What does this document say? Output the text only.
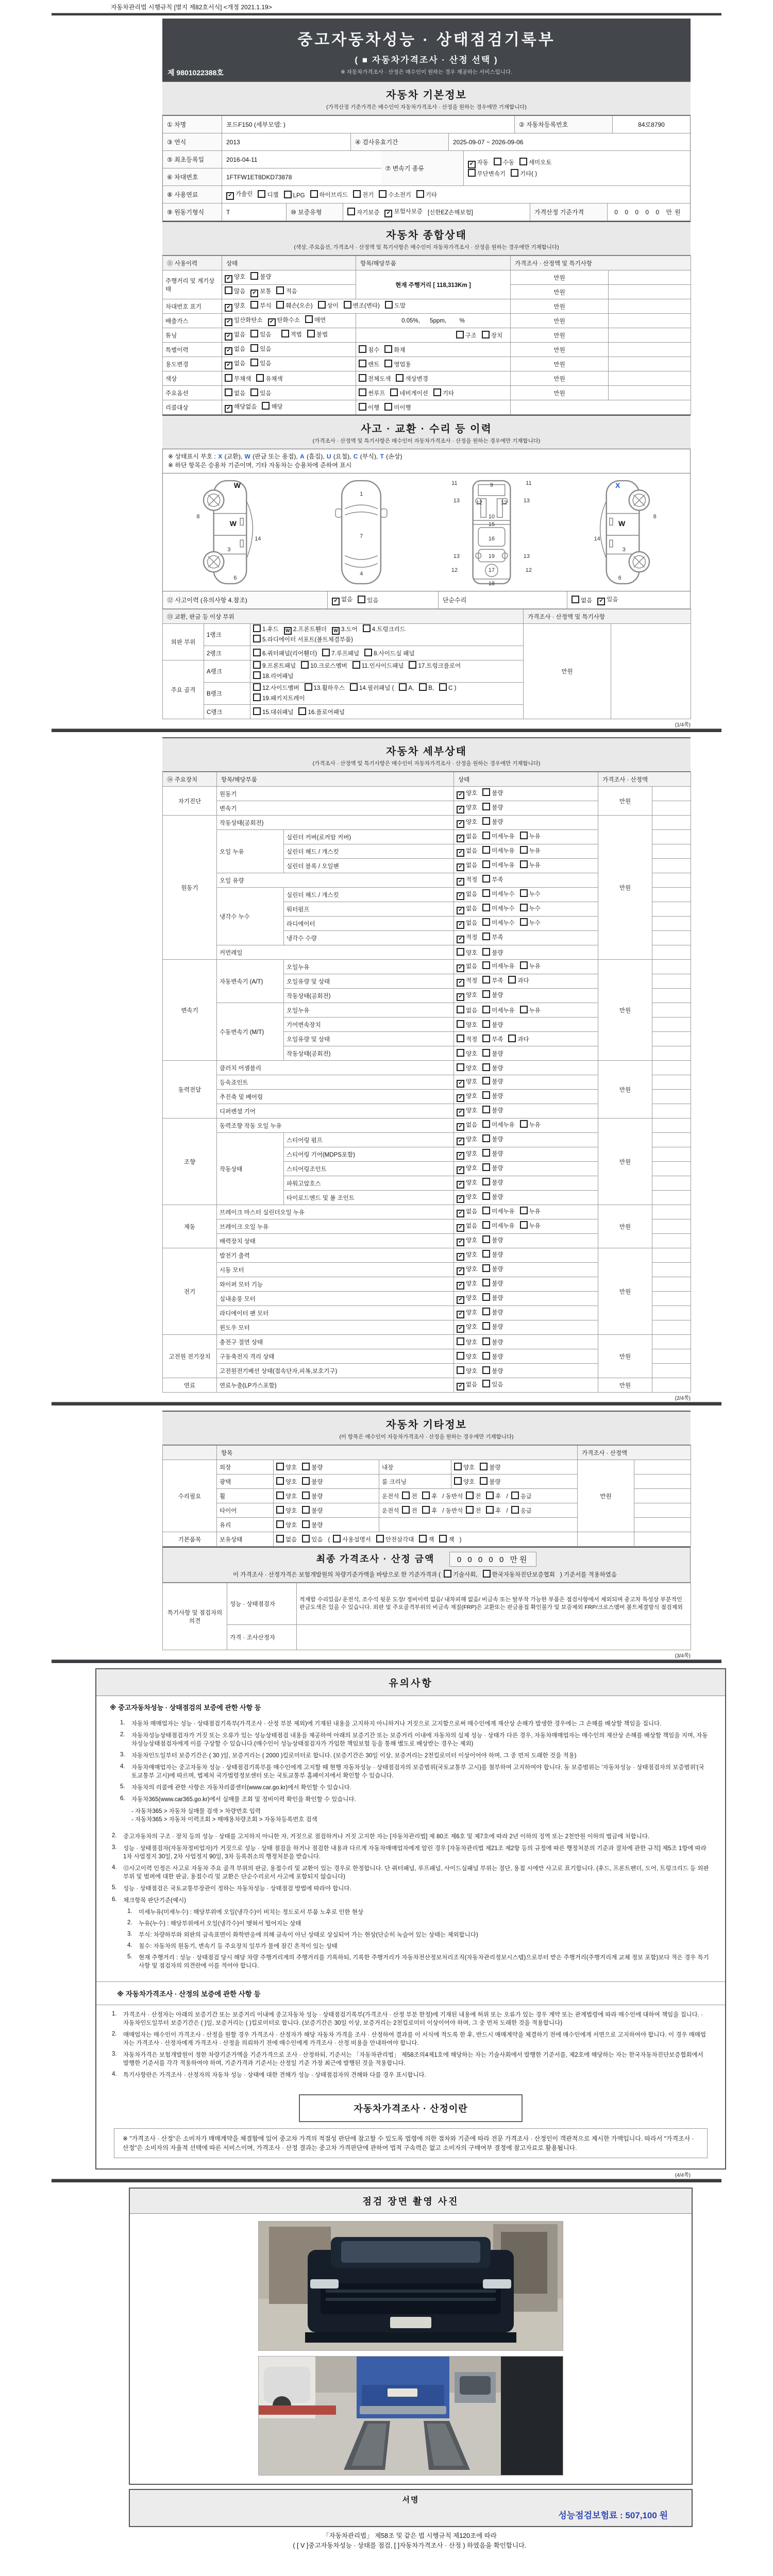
자동차관리법 시행규칙 [별지 제82호서식] <개정 2021.1.19>
제 9801022388호
중고자동차성능 · 상태점검기록부
( ■ 자동차가격조사 · 산정 선택 )
※ 자동차가격조사 · 산정은 매수인이 원하는 경우 제공하는 서비스입니다.
자동차 기본정보
(가격산정 기준가격은 매수인이 자동차가격조사 · 산정을 원하는 경우에만 기재합니다)
① 차명	포드F150 (세부모델: )	② 자동차등록번호	84로8790
③ 연식	2013	④ 검사유효기간	2025-09-07 ~ 2026-09-06
⑤ 최초등록일	2016-04-11
⑥ 차대번호	1FTFW1ET8DKD73878
⑦ 변속기 종류
✔ 자동 수동 세미오토
무단변속기 기타( )
⑧ 사용연료	✔ 가솔린	디젤	LPG	하이브리드	전기	수소전기	기타
⑨ 원동기형식	T	⑩ 보증유형	자기보증	✔ 보험사보증 [신한EZ손해보험]	가격산정 기준가격	0 0 0 0 0 만원
자동차 종합상태
(색상, 주요옵션, 가격조사 · 산정액 및 특기사항은 매수인이 자동차가격조사 · 산정을 원하는 경우에만 기재합니다)
⑪ 사용이력	상태	항목/해당부품	가격조사 · 산정액 및 특기사항	
주행거리 및 계기상태	✔ 양호 불량	현재 주행거리 [ 118,313Km ]	만원	
	많음 ✔ 보통 적음		만원	
차대번호 표기	✔ 양호 부식 훼손(오손) 상이 변조(변타) 도말		만원	
배출가스	✔ 일산화탄소 ✔ 탄화수소 매연	0.05%,      5ppm,        %	만원	
튜닝	✔ 없음 있음 적법 불법	구조 장치	만원	
특별이력	✔ 없음 있음	침수 화재	만원	
용도변경	✔ 없음 있음	렌트 영업용	만원	
색상	무채색 유채색	전체도색 색상변경	만원	
주요옵션	없음 있음	썬루프 네비게이션 기타	만원	
리콜대상	✔ 해당없음 해당	이행 미이행		
사고 · 교환 · 수리 등 이력
(가격조사 · 산정액 및 특기사항은 매수인이 자동차가격조사 · 산정을 원하는 경우에만 기재합니다)
※ 상태표시 부호 : X (교환), W (판금 또는 용접), A (흠집), U (요철), C (부식), T (손상)
※ 하단 항목은 승용차 기준이며, 기타 자동차는 승용차에 준하여 표시
W
8
W
14
3
6
1
7
4
11	9	11
13	12	12	13
10
15
16
13	19	13
12	17	12
18
X
8
W
14
3
6
⑫ 사고이력 (유의사항 4.참조)	✔ 없음	있음	단순수리	없음	✔ 있음
⑬ 교환, 판금 등 이상 부위			가격조사 · 산정액 및 특기사항	
외판 부위	1랭크	1.후드 W 2.프론트휀더 W 3.도어 4.트렁크리드
5.라디에이터 서포트(볼트체결부품)	만원	
	2랭크	6.쿼터패널(리어휀더) 7.루프패널 8.사이드실 패널		
주요 골격	A랭크	9.프론트패널 10.크로스멤버 11.인사이드패널 17.트렁크플로어
18.리어패널		

	B랭크	12.사이드멤버 13.휠하우스 14.필러패널 ( A, B, C )
19.패키지트레이		

	C랭크	15.대쉬패널 16.플로어패널		
(1/4쪽)
자동차 세부상태
(가격조사 · 산정액 및 특기사항은 매수인이 자동차가격조사 · 산정을 원하는 경우에만 기재합니다)
⑭ 주요장치	항목/해당부품		상태	가격조사 · 산정액	
자기진단	원동기		✔ 양호 불량	만원	
	변속기		✔ 양호 불량		
원동기	작동상태(공회전)		✔ 양호 불량	만원	
	오일 누유	실린더 커버(로커암 커버)	✔ 없음 미세누유 누유		
		실린더 헤드 / 개스킷	✔ 없음 미세누유 누유		
		실린더 블록 / 오일팬	✔ 없음 미세누유 누유		
	오일 유량		✔ 적정 부족		
	냉각수 누수	실린더 헤드 / 개스킷	✔ 없음 미세누수 누수		
		워터펌프	✔ 없음 미세누수 누수		
		라디에이터	✔ 없음 미세누수 누수		
		냉각수 수량	✔ 적정 부족		
	커먼레일		양호 불량		
변속기	자동변속기 (A/T)	오일누유	✔ 없음 미세누유 누유	만원	
		오일유량 및 상태	✔ 적정 부족 과다		
		작동상태(공회전)	✔ 양호 불량		
	수동변속기 (M/T)	오일누유	없음 미세누유 누유		
		기어변속장치	양호 불량		
		오일유량 및 상태	적정 부족 과다		
		작동상태(공회전)	양호 불량		
동력전달	클러치 어셈블리		양호 불량	만원	
	등속죠인트		✔ 양호 불량		
	추진축 및 베어링		✔ 양호 불량		
	디퍼렌셜 기어		✔ 양호 불량		
조향	동력조향 작동 오일 누유		✔ 없음 미세누유 누유	만원	
	작동상태	스티어링 펌프	✔ 양호 불량		
		스티어링 기어(MDPS포함)	✔ 양호 불량		
		스티어링조인트	✔ 양호 불량		
		파워고압호스	✔ 양호 불량		
		타이로드엔드 및 볼 조인트	✔ 양호 불량		
제동	브레이크 마스터 실린더오일 누유		✔ 없음 미세누유 누유	만원	
	브레이크 오일 누유		✔ 없음 미세누유 누유		
	배력장치 상태		✔ 양호 불량		
전기	발전기 출력		✔ 양호 불량	만원	
	시동 모터		✔ 양호 불량		
	와이퍼 모터 기능		✔ 양호 불량		
	실내송풍 모터		✔ 양호 불량		
	라디에이터 팬 모터		✔ 양호 불량		
	윈도우 모터		✔ 양호 불량		
고전원 전기장치	충전구 절연 상태		양호 불량	만원	
	구동축전지 격리 상태		양호 불량		
	고전원전기배선 상태(접속단자,피복,보호기구)		양호 불량		
연료	연료누출(LP가스포함)		✔ 없음 있음	만원	
(2/4쪽)
자동차 기타정보
(이 항목은 매수인이 자동차가격조사 · 산정을 원하는 경우에만 기재합니다)
	항목				가격조사 · 산정액	
수리필요	외장	양호 불량	내장	양호 불량	만원	
	광택	양호 불량	룸 크리닝	양호 불량		
	휠	양호 불량	운전석 전 후 / 동반석 전 후 / 응급			
	타이어	양호 불량	운전석 전 후 / 동반석 전 후 / 응급			
	유리	양호 불량				
기본품목	보유상태	없음 있음 ( 사용설명서 안전삼각대 잭 잭 )				
최종 가격조사 · 산정 금액	0 0 0 0 0 만원
이 가격조사 · 산정가격은 보험개발원의 차량기준가액을 바탕으로 한 기준가격과 ( 기술사회, 한국자동차진단보증협회 ) 기준서를 적용하였음
특기사항 및 점검자의 의견	성능 · 상태점검자	적재함 수리있음/ 운전석, 조수석 뒷문 도장/ 정비이력 없음/ 내차피해 없음/ 비금속 또는 탈부착 가능한 부품은 점검사항에서 제외되며 중고차 특성상 부분적인 판금도색은 있을 수 있습니다. 외판 및 주요골격부위의 비금속 재질(FRP)은 교환또는 판금용접 확인불가 및 보증제외 FRP/크로스멤버 볼트체결방식 점검제외
	가격 · 조사산정자	
(3/4쪽)
유의사항
※ 중고자동차성능 · 상태점검의 보증에 관한 사항 등
1.	자동차 매매업자는 성능 · 상태점검기록부(가격조사 · 산정 부분 제외)에 기재된 내용을 고지하지 아니하거나 거짓으로 고지함으로써 매수인에게 재산상 손해가 발생한 경우에는 그 손해를 배상할 책임을 집니다.
2.	자동차성능상태점검자가 거짓 또는 오류가 있는 성능상태점검 내용을 제공하여 아래의 보증기간 또는 보증거리 이내에 자동차의 실제 성능 · 상태가 다른 경우, 자동차매매업자는 매수인의 재산상 손해를 배상할 책임을 지며, 자동차성능상태점검자에게 이를 구상할 수 있습니다.(매수인이 성능상태점검자가 가입한 책임보험 등을 통해 별도로 배상받는 경우는 제외)
3.	자동차인도일부터 보증기간은 ( 30 )일, 보증거리는 ( 2000 )킬로미터로 합니다. (보증기간은 30일 이상, 보증거리는 2천킬로미터 이상이어야 하며, 그 중 먼저 도래한 것을 적용)
4.	자동차매매업자는 중고자동차 성능 · 상태점검기록부를 매수인에게 고지할 때 현행 자동차성능 · 상태점검자의 보증범위(국토교통부 고시)를 첨부하여 고지하여야 합니다. 동 보증범위는 '자동차성능 · 상태점검자의 보증범위'(국토교통부 고시)에 따르며, 법제처 국가법령정보센터 또는 국토교통부 홈페이지에서 확인할 수 있습니다.
5.	자동차의 리콜에 관한 사항은 자동차리콜센터(www.car.go.kr)에서 확인할 수 있습니다.
6.	자동차365(www.car365.go.kr)에서 실매물 조회 및 정비이력 확인을 확인할 수 있습니다.
- 자동차365 > 자동차 실매물 검색 > 차량번호 입력
- 자동차365 > 자동차 이력조회 > 매매용차량조회 > 자동차등록번호 검색
2.	중고자동차의 구조 · 장치 등의 성능 · 상태를 고지하지 아니한 자, 거짓으로 점검하거나 거짓 고지한 자는 [자동차관리법] 제 80조 제6호 및 제7호에 따라 2년 이하의 징역 또는 2천만원 이하의 벌금에 처합니다.
3.	성능 · 상태점검자(자동차정비업자)가 거짓으로 성능 · 상태 점검을 하거나 점검한 내용과 다르게 자동차매매업자에게 알린 경우 [자동차관리법 제21조 제2항 등의 규정에 따른 행정처분의 기준과 절차에 관한 규칙] 제5조 1항에 따라 1차 사업정지 30일, 2차 사업정지 90일, 3차 등록취소의 행정처분을 받습니다.
4.	⑫사고이력 인정은 사고로 자동차 주요 골격 부위의 판금, 용접수리 및 교환이 있는 경우로 한정합니다. 단 쿼터패널, 루프패널, 사이드실패널 부위는 절단, 용접 시에만 사고로 표기합니다. (후드, 프론트펜더, 도어, 트렁크리드 등 외판 부위 및 범퍼에 대한 판금, 용접수리 및 교환은 단순수리로서 사고에 포함되지 않습니다)
5.	성능 · 상태점검은 국토교통부장관이 정하는 자동차성능 · 상태점검 방법에 따라야 합니다.
6.	체크항목 판단기준(예시)
1.	미세누유(미세누수) : 해당부위에 오일(냉각수)이 비치는 정도로서 부품 노후로 인한 현상
2.	누유(누수) : 해당부위에서 오일(냉각수)이 맺혀서 떨어지는 상태
3.	부식: 차량하부와 외판의 금속표면이 화학반응에 의해 금속이 아닌 상태로 상실되어 가는 현상(단순히 녹슬어 있는 상태는 제외합니다)
4.	침수: 자동차의 원동기, 변속기 등 주요장치 일부가 물에 잠긴 흔적이 있는 상태
5.	현재 주행거리 : 성능 · 상태점검 당시 해당 차량 주행거리계의 주행거리를 기록하되, 기록한 주행거리가 자동차전산정보처리조직(자동차관리정보시스템)으로부터 받은 주행거리(주행거리계 교체 정보 포함)보다 적은 경우 특기사항 및 점검자의 의견란에 이를 적어야 합니다.
※ 자동차가격조사 · 산정의 보증에 관한 사항 등
1.	가격조사 · 산정자는 아래의 보증기간 또는 보증거리 이내에 중고자동차 성능 · 상태점검기록부(가격조사 · 산정 부분 한정)에 기재된 내용에 허위 또는 오류가 있는 경우 계약 또는 관계법령에 따라 매수인에 대하여 책임을 집니다. · 자동차인도일부터 보증기간은 ( )일, 보증거리는 ( )킬로미터로 합니다. (보증기간은 30일 이상, 보증거리는 2천킬로미터 이상이어야 하며, 그 중 먼저 도래한 것을 적용합니다)
2.	매매업자는 매수인이 가격조사 · 산정을 원할 경우 가격조사 · 산정자가 해당 자동차 가격을 조사 · 산정하여 결과를 이 서식에 적도록 한 후, 반드시 매매계약을 체결하기 전에 매수인에게 서면으로 고지하여야 합니다. 이 경우 매매업자는 가격조사 · 산정자에게 가격조사 · 산정을 의뢰하기 전에 매수인에게 가격조사 · 산정 비용을 안내하여야 합니다.
3.	자동차가격은 보험개발원이 정한 차량기준가액을 기준가격으로 조사 · 산정하되, 기준서는 「자동차관리법」 제58조의4제1호에 해당하는 자는 기술사회에서 발행한 기준서를, 제2호에 해당하는 자는 한국자동차진단보증협회에서 발행한 기준서를 각각 적용하여야 하며, 기준가격과 기준서는 산정일 기준 가장 최근에 발행된 것을 적용합니다.
4.	특기사항란은 가격조사 · 산정자의 자동차 성능 · 상태에 대한 견해가 성능 · 상태점검자의 견해와 다를 경우 표시합니다.
자동차가격조사 · 산정이란
※ "가격조사 · 산정"은 소비자가 매매계약을 체결함에 있어 중고차 가격의 적절성 판단에 참고할 수 있도록 법령에 의한 절차와 기준에 따라 전문 가격조사 · 산정인이 객관적으로 제시한 가액입니다. 따라서 "가격조사 · 산정"은 소비자의 자율적 선택에 따른 서비스이며, 가격조사 · 산정 결과는 중고차 가격판단에 관하여 법적 구속력은 없고 소비자의 구매여부 결정에 참고자료로 활용됩니다.
(4/4쪽)
점검 장면 촬영 사진
서명
성능점검보험료 : 507,100 원
「자동차관리법」 제58조 및 같은 법 시행규칙 제120조에 따라
( [ V ]중고자동차성능 · 상태를 점검, [ ]자동차가격조사 · 산정 ) 하였음을 확인합니다.
